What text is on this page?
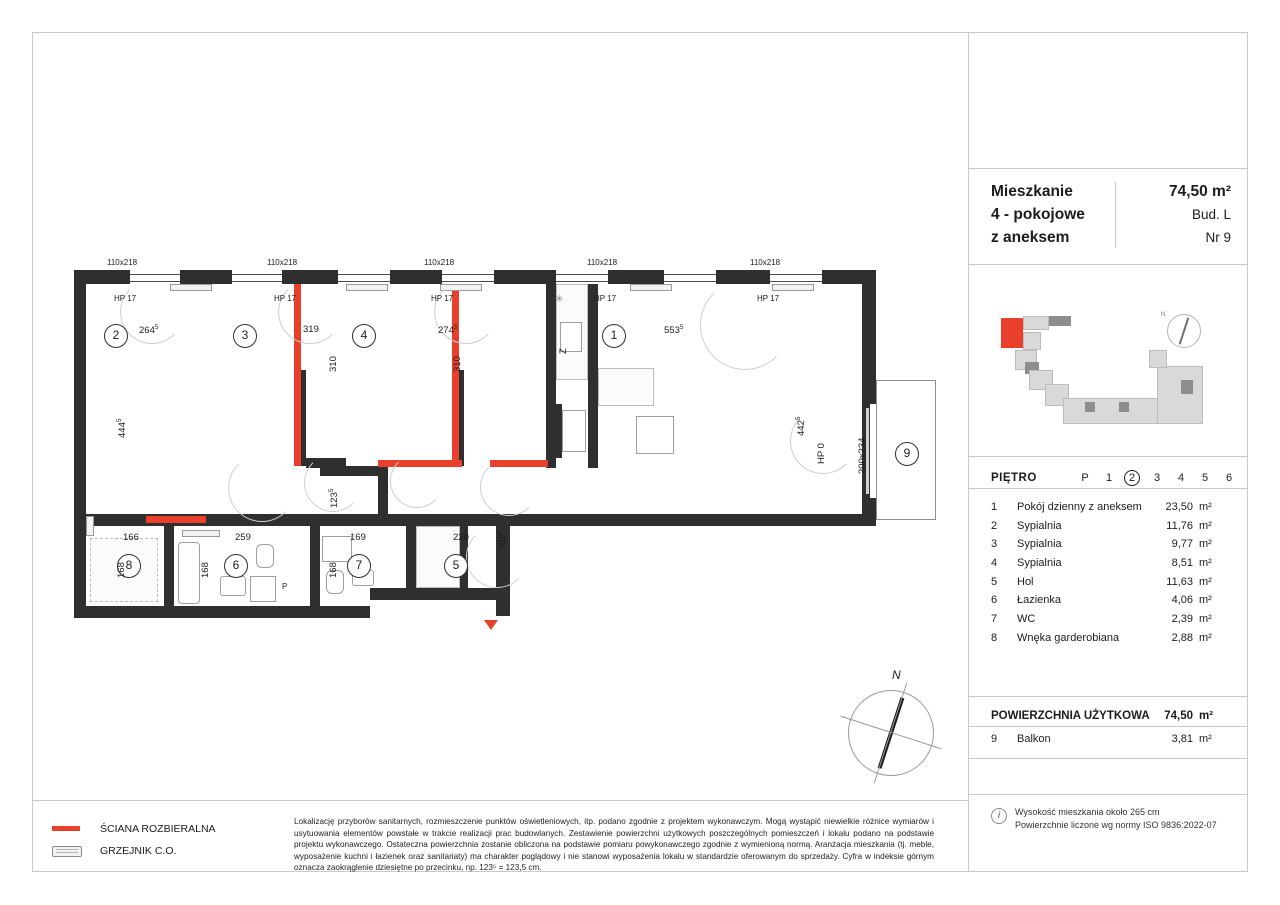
2	3	4	1
8	6	7	5
9
110x218	110x218	110x218	110x218	110x218
HP 17	HP 17	HP 17	HP 17	HP 17
$264^5$	319	$274^5$	$553^5$
166	259	169	220
$444^5$
310	310
$442^5$
$123^5$
168	168	168
$302^5$
200x234
HP 0
Z
P
✳
N
ŚCIANA ROZBIERALNA
GRZEJNIK C.O.
Lokalizację przyborów sanitarnych, rozmieszczenie punktów oświetleniowych, itp. podano zgodnie z projektem wykonawczym. Mogą wystąpić niewielkie różnice wymiarów i usytuowania elementów powstałe w trakcie realizacji prac budowlanych. Zestawienie powierzchni użytkowych poszczególnych pomieszczeń i lokalu podano na podstawie projektu wykonawczego. Ostateczna powierzchnia zostanie obliczona na podstawie pomiaru powykonawczego zgodnie z wymienioną normą. Aranżacja mieszkania (tj. meble, wyposażenie kuchni i łazienek oraz sanitariaty) ma charakter poglądowy i nie stanowi wyposażenia lokalu w standardzie oferowanym do sprzedaży. Cyfra w indeksie górnym oznacza zaokrąglenie dziesiętne po przecinku, np. 123⁵ = 123,5 cm.
Mieszkanie
4 - pokojowe
z aneksem
74,50 m²
Bud. L
Nr 9
N
PIĘTRO	P	1	2	3	4	5	6
1	Pokój dzienny z aneksem	23,50 m²
2	Sypialnia	11,76 m²
3	Sypialnia	9,77 m²
4	Sypialnia	8,51 m²
5	Hol	11,63 m²
6	Łazienka	4,06 m²
7	WC	2,39 m²
8	Wnęka garderobiana	2,88 m²
POWIERZCHNIA UŻYTKOWA	74,50 m²
9	Balkon	3,81 m²
i	Wysokość mieszkania około 265 cm
Powierzchnie liczone wg normy ISO 9836:2022-07
